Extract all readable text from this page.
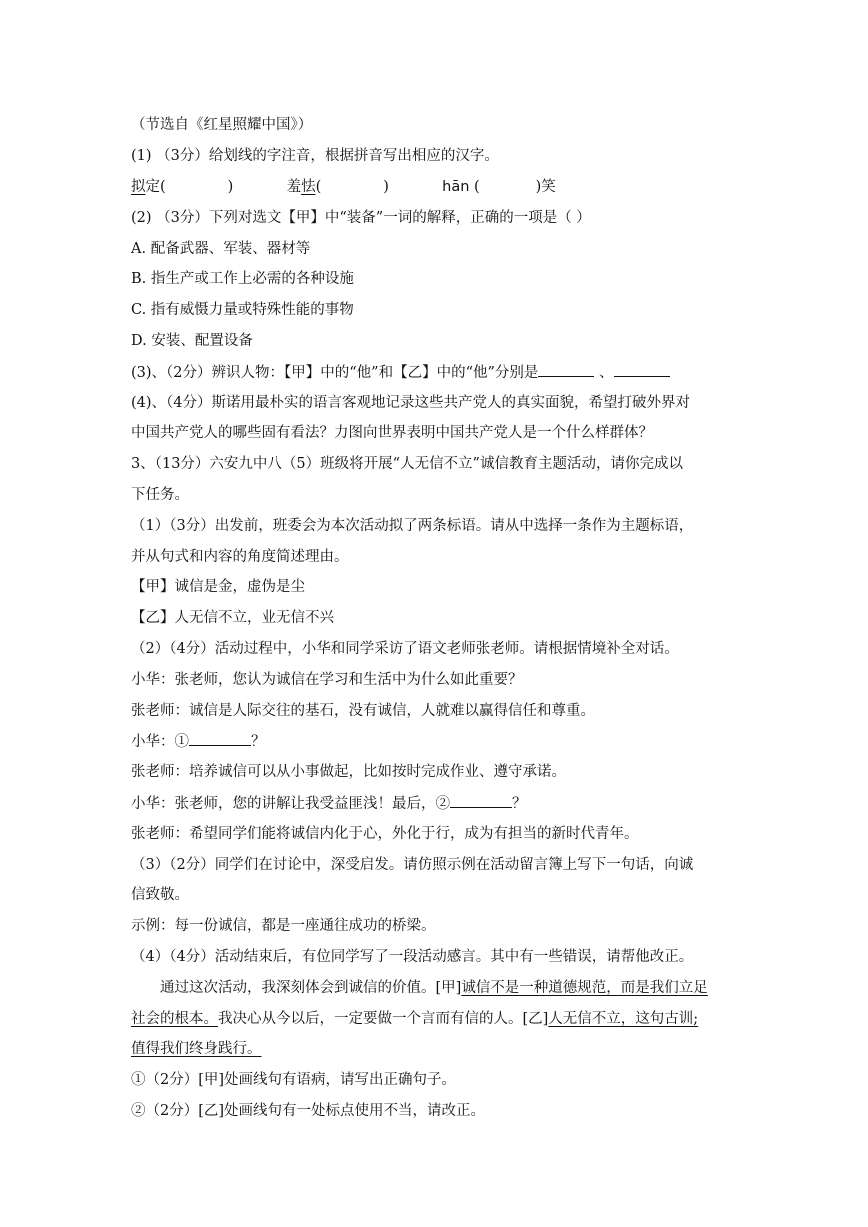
（节选自《红星照耀中国》）
(1) （3分）给划线的字注音，根据拼音写出相应的汉字。
拟定(	)	羞怯(	)	hān (	)笑
(2) （3分）下列对选文【甲】中“装备”一词的解释，正确的一项是（ ）
A. 配备武器、军装、器材等
B. 指生产或工作上必需的各种设施
C. 指有威慑力量或特殊性能的事物
D. 安装、配置设备
(3)、（2分）辨识人物：【甲】中的“他”和【乙】中的“他”分别是	、
(4)、（4分）斯诺用最朴实的语言客观地记录这些共产党人的真实面貌，希望打破外界对
中国共产党人的哪些固有看法？力图向世界表明中国共产党人是一个什么样群体？
3、（13分）六安九中八（5）班级将开展“人无信不立”诚信教育主题活动，请你完成以
下任务。
（1）（3分）出发前，班委会为本次活动拟了两条标语。请从中选择一条作为主题标语，
并从句式和内容的角度简述理由。
【甲】诚信是金，虚伪是尘
【乙】人无信不立，业无信不兴
（2）（4分）活动过程中，小华和同学采访了语文老师张老师。请根据情境补全对话。
小华：张老师，您认为诚信在学习和生活中为什么如此重要？
张老师：诚信是人际交往的基石，没有诚信，人就难以赢得信任和尊重。
小华：①	？
张老师：培养诚信可以从小事做起，比如按时完成作业、遵守承诺。
小华：张老师，您的讲解让我受益匪浅！最后，②	？
张老师：希望同学们能将诚信内化于心，外化于行，成为有担当的新时代青年。
（3）（2分）同学们在讨论中，深受启发。请仿照示例在活动留言簿上写下一句话，向诚
信致敬。
示例：每一份诚信，都是一座通往成功的桥梁。
（4）（4分）活动结束后，有位同学写了一段活动感言。其中有一些错误，请帮他改正。
通过这次活动，我深刻体会到诚信的价值。[甲]诚信不是一种道德规范，而是我们立足
社会的根本。我决心从今以后，一定要做一个言而有信的人。[乙]人无信不立，这句古训;
值得我们终身践行。
①（2分）[甲]处画线句有语病，请写出正确句子。
②（2分）[乙]处画线句有一处标点使用不当，请改正。
